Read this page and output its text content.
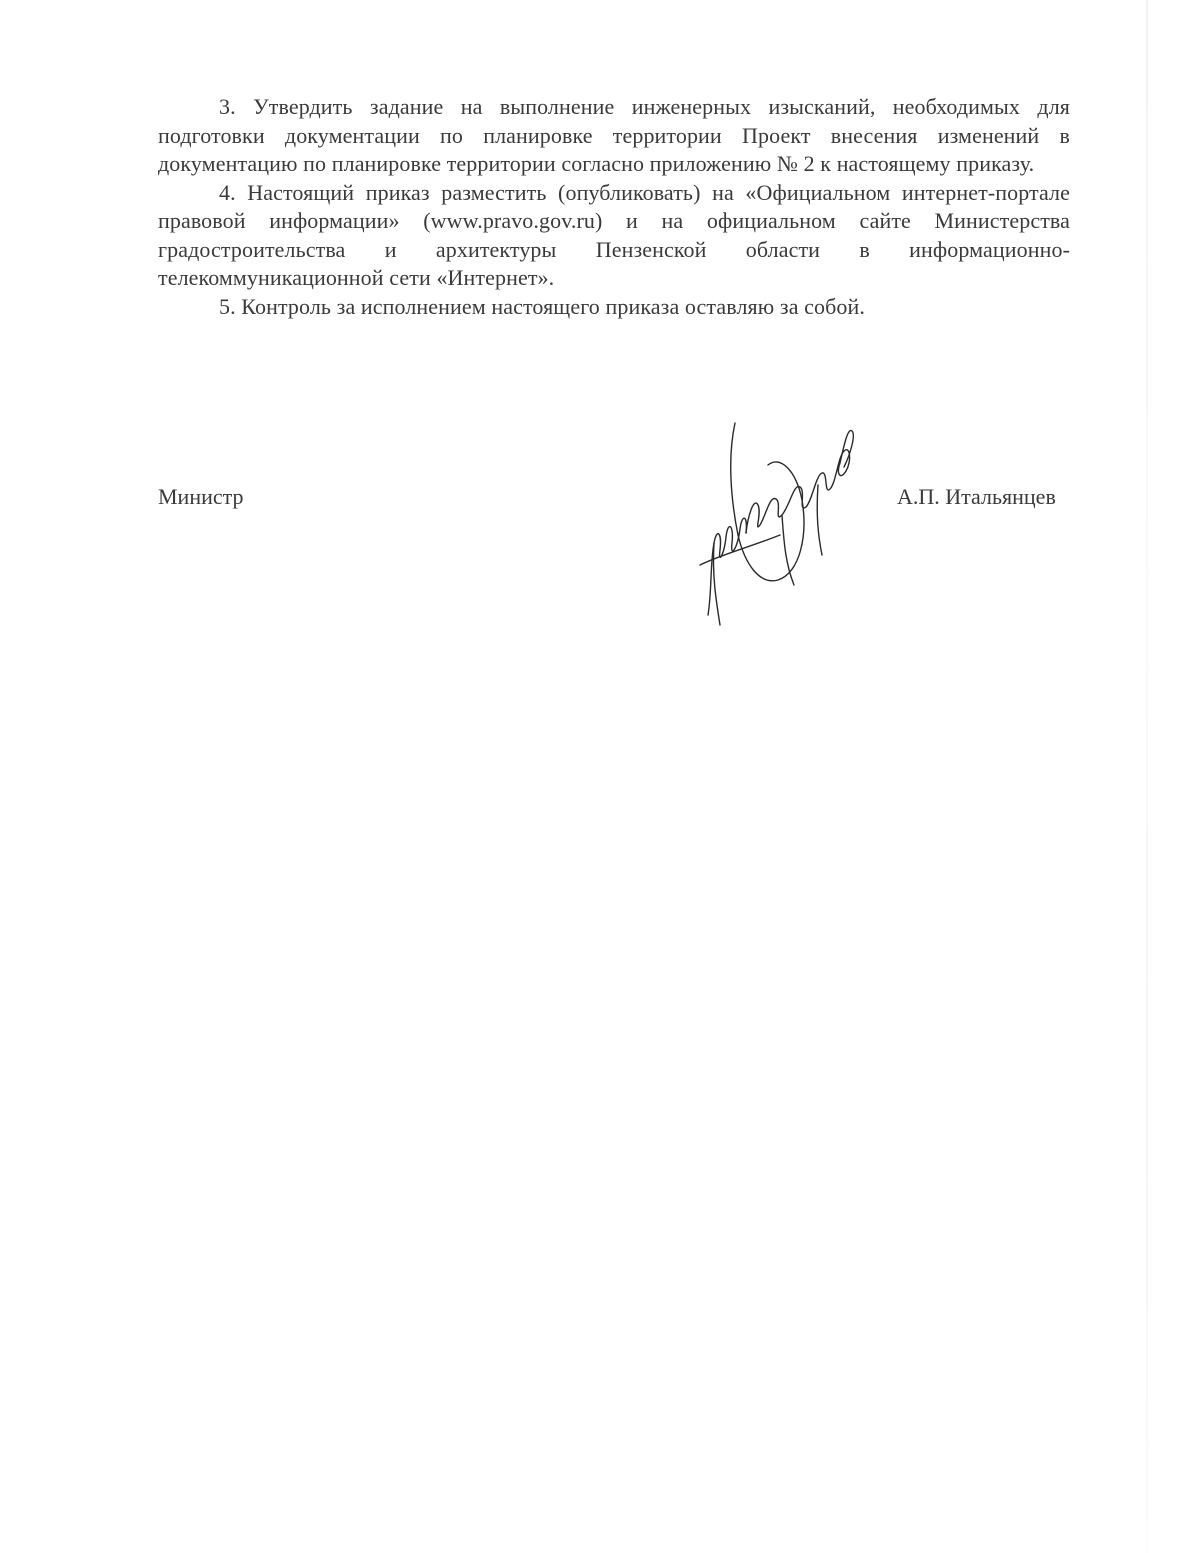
3. Утвердить задание на выполнение инженерных изысканий, необходимых для подготовки документации по планировке территории Проект внесения изменений в документацию по планировке территории согласно приложению № 2 к настоящему приказу.

4. Настоящий приказ разместить (опубликовать) на «Официальном интернет-портале правовой информации» (www.pravo.gov.ru) и на официальном сайте Министерства градостроительства и архитектуры Пензенской области в информационно-телекоммуникационной сети «Интернет».

5. Контроль за исполнением настоящего приказа оставляю за собой.

Министр	А.П. Итальянцев
